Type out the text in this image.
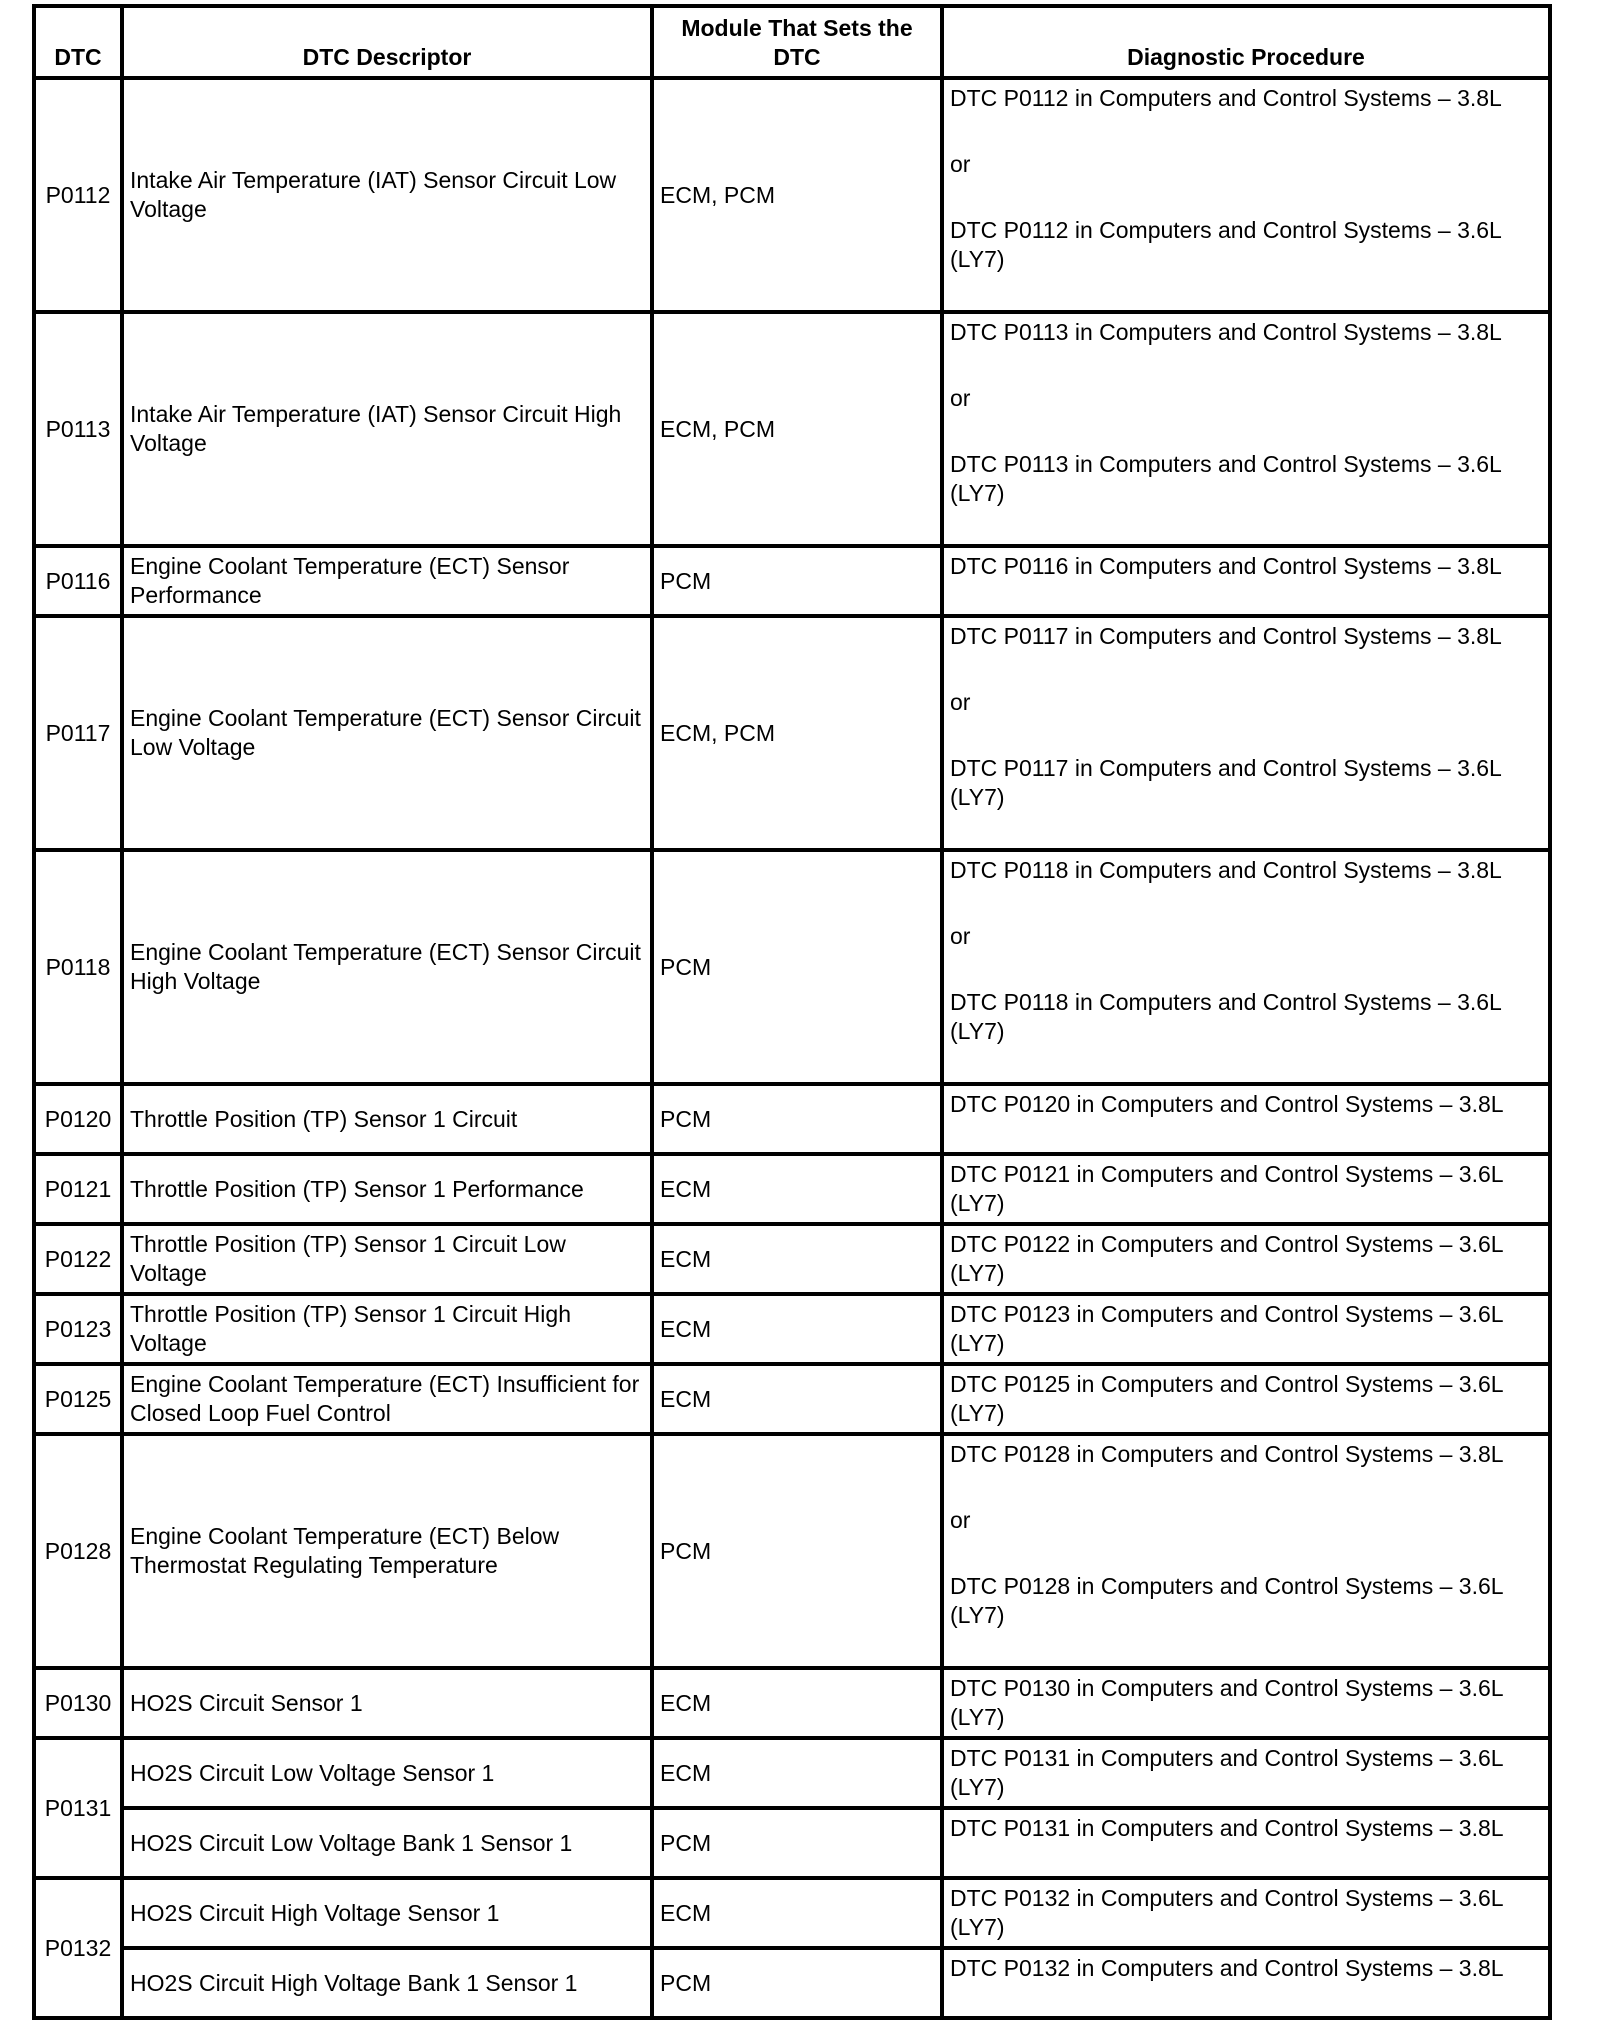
DTC	DTC Descriptor	Module That Sets the DTC	Diagnostic Procedure
P0112	Intake Air Temperature (IAT) Sensor Circuit Low Voltage	ECM, PCM	DTC P0112 in Computers and Control Systems – 3.8L
or
DTC P0112 in Computers and Control Systems – 3.6L (LY7)

P0113	Intake Air Temperature (IAT) Sensor Circuit High Voltage	ECM, PCM	DTC P0113 in Computers and Control Systems – 3.8L
or
DTC P0113 in Computers and Control Systems – 3.6L (LY7)

P0116	Engine Coolant Temperature (ECT) Sensor Performance	PCM	DTC P0116 in Computers and Control Systems – 3.8L

P0117	Engine Coolant Temperature (ECT) Sensor Circuit Low Voltage	ECM, PCM	DTC P0117 in Computers and Control Systems – 3.8L
or
DTC P0117 in Computers and Control Systems – 3.6L (LY7)

P0118	Engine Coolant Temperature (ECT) Sensor Circuit High Voltage	PCM	DTC P0118 in Computers and Control Systems – 3.8L
or
DTC P0118 in Computers and Control Systems – 3.6L (LY7)

P0120	Throttle Position (TP) Sensor 1 Circuit	PCM	DTC P0120 in Computers and Control Systems – 3.8L

P0121	Throttle Position (TP) Sensor 1 Performance	ECM	DTC P0121 in Computers and Control Systems – 3.6L (LY7)

P0122	Throttle Position (TP) Sensor 1 Circuit Low Voltage	ECM	DTC P0122 in Computers and Control Systems – 3.6L (LY7)

P0123	Throttle Position (TP) Sensor 1 Circuit High Voltage	ECM	DTC P0123 in Computers and Control Systems – 3.6L (LY7)

P0125	Engine Coolant Temperature (ECT) Insufficient for Closed Loop Fuel Control	ECM	DTC P0125 in Computers and Control Systems – 3.6L (LY7)

P0128	Engine Coolant Temperature (ECT) Below Thermostat Regulating Temperature	PCM	DTC P0128 in Computers and Control Systems – 3.8L
or
DTC P0128 in Computers and Control Systems – 3.6L (LY7)

P0130	HO2S Circuit Sensor 1	ECM	DTC P0130 in Computers and Control Systems – 3.6L (LY7)

P0131	HO2S Circuit Low Voltage Sensor 1	ECM	DTC P0131 in Computers and Control Systems – 3.6L (LY7)

	HO2S Circuit Low Voltage Bank 1 Sensor 1	PCM	DTC P0131 in Computers and Control Systems – 3.8L

P0132	HO2S Circuit High Voltage Sensor 1	ECM	DTC P0132 in Computers and Control Systems – 3.6L (LY7)

	HO2S Circuit High Voltage Bank 1 Sensor 1	PCM	DTC P0132 in Computers and Control Systems – 3.8L
